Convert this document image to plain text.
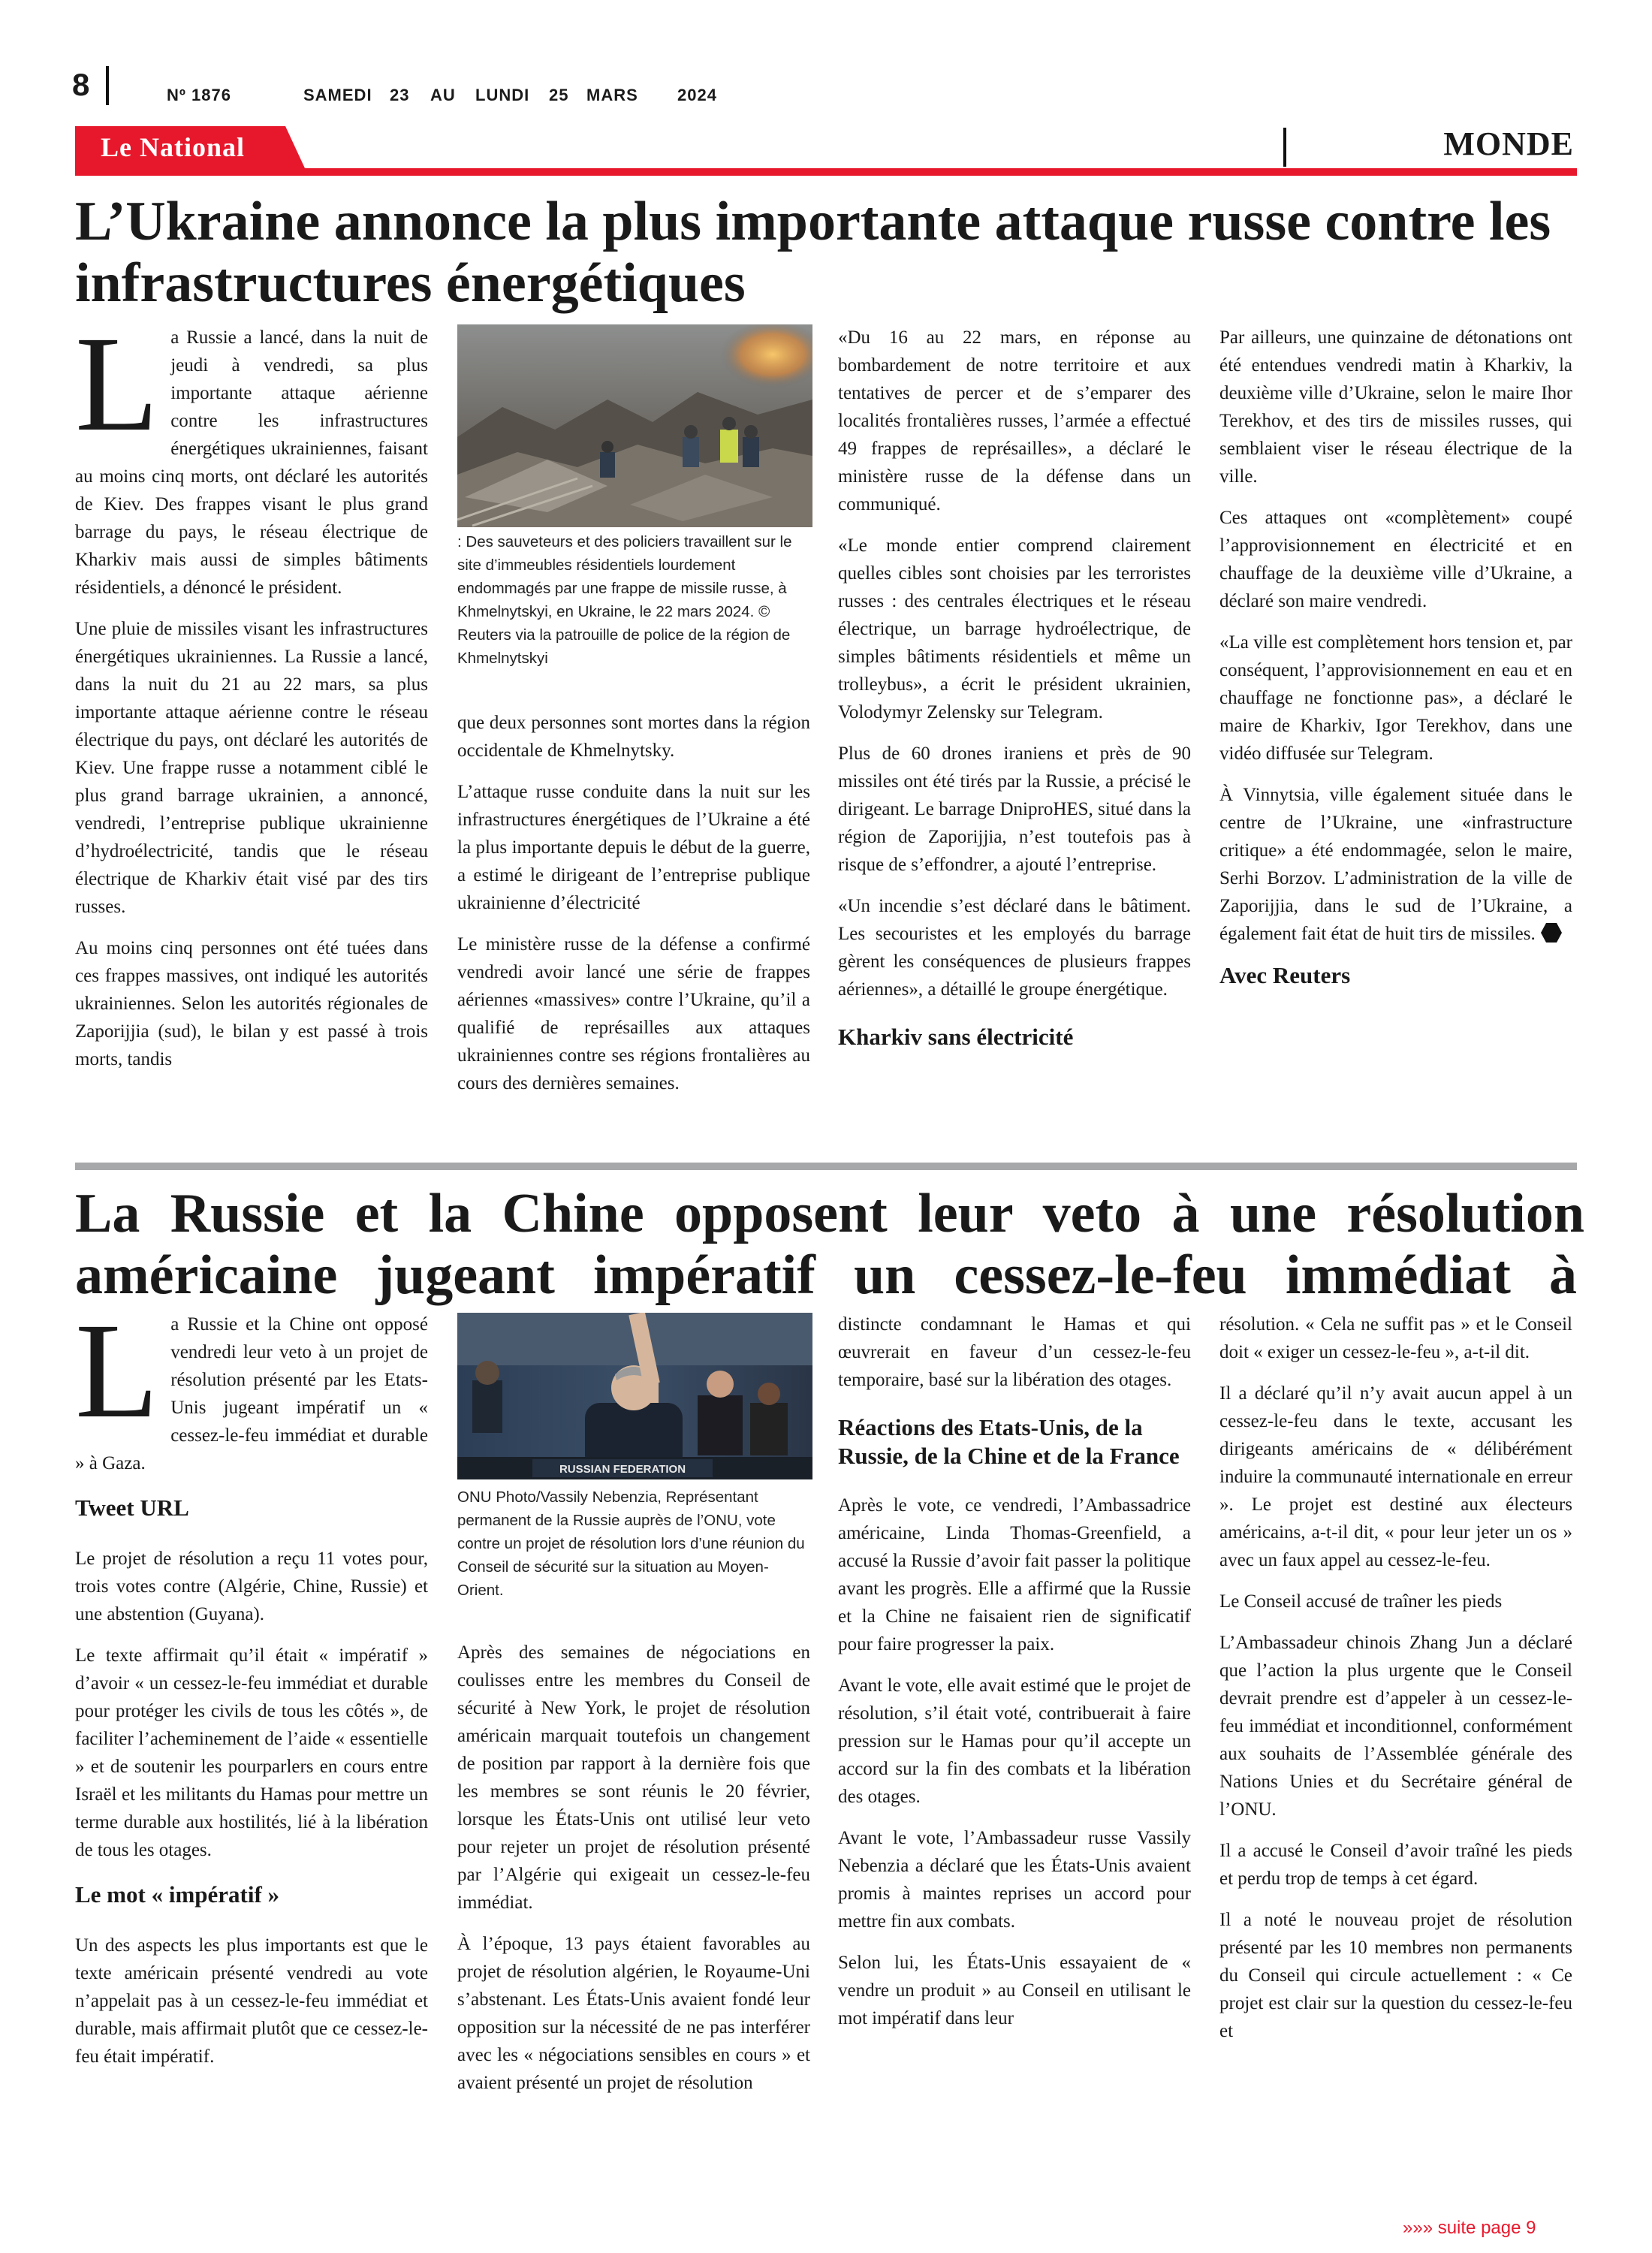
8	Nº 1876	SAMEDI 23 AU LUNDI 25 MARS 2024
Le National	MONDE
L’Ukraine annonce la plus importante attaque russe contre les infrastructures énergétiques

La Russie a lancé, dans la nuit de jeudi à vendredi, sa plus importante attaque aérienne contre les infrastructures énergétiques ukrainiennes, faisant au moins cinq morts, ont déclaré les autorités de Kiev. Des frappes visant le plus grand barrage du pays, le réseau électrique de Kharkiv mais aussi de simples bâtiments résidentiels, a dénoncé le président.

Une pluie de missiles visant les infrastructures énergétiques ukrainiennes. La Russie a lancé, dans la nuit du 21 au 22 mars, sa plus importante attaque aérienne contre le réseau électrique du pays, ont déclaré les autorités de Kiev. Une frappe russe a notamment ciblé le plus grand barrage ukrainien, a annoncé, vendredi, l’entreprise publique ukrainienne d’hydroélectricité, tandis que le réseau électrique de Kharkiv était visé par des tirs russes.

Au moins cinq personnes ont été tuées dans ces frappes massives, ont indiqué les autorités ukrainiennes. Selon les autorités régionales de Zaporijjia (sud), le bilan y est passé à trois morts, tandis

: Des sauveteurs et des policiers travaillent sur le site d’immeubles résidentiels lourdement endommagés par une frappe de missile russe, à Khmelnytskyi, en Ukraine, le 22 mars 2024. © Reuters via la patrouille de police de la région de Khmelnytskyi

que deux personnes sont mortes dans la région occidentale de Khmelnytsky.

L’attaque russe conduite dans la nuit sur les infrastructures énergétiques de l’Ukraine a été la plus importante depuis le début de la guerre, a estimé le dirigeant de l’entreprise publique ukrainienne d’électricité

Le ministère russe de la défense a confirmé vendredi avoir lancé une série de frappes aériennes «massives» contre l’Ukraine, qu’il a qualifié de représailles aux attaques ukrainiennes contre ses régions frontalières au cours des dernières semaines.

«Du 16 au 22 mars, en réponse au bombardement de notre territoire et aux tentatives de percer et de s’emparer des localités frontalières russes, l’armée a effectué 49 frappes de représailles», a déclaré le ministère russe de la défense dans un communiqué.

«Le monde entier comprend clairement quelles cibles sont choisies par les terroristes russes : des centrales électriques et le réseau électrique, un barrage hydroélectrique, de simples bâtiments résidentiels et même un trolleybus», a écrit le président ukrainien, Volodymyr Zelensky sur Telegram.

Plus de 60 drones iraniens et près de 90 missiles ont été tirés par la Russie, a précisé le dirigeant. Le barrage DniproHES, situé dans la région de Zaporijjia, n’est toutefois pas à risque de s’effondrer, a ajouté l’entreprise.

«Un incendie s’est déclaré dans le bâtiment. Les secouristes et les employés du barrage gèrent les conséquences de plusieurs frappes aériennes», a détaillé le groupe énergétique.

Kharkiv sans électricité

Par ailleurs, une quinzaine de détonations ont été entendues vendredi matin à Kharkiv, la deuxième ville d’Ukraine, selon le maire Ihor Terekhov, et des tirs de missiles russes, qui semblaient viser le réseau électrique de la ville.

Ces attaques ont «complètement» coupé l’approvisionnement en électricité et en chauffage de la deuxième ville d’Ukraine, a déclaré son maire vendredi.

«La ville est complètement hors tension et, par conséquent, l’approvisionnement en eau et en chauffage ne fonctionne pas», a déclaré le maire de Kharkiv, Igor Terekhov, dans une vidéo diffusée sur Telegram.

À Vinnytsia, ville également située dans le centre de l’Ukraine, une «infrastructure critique» a été endommagée, selon le maire, Serhi Borzov. L’administration de la ville de Zaporijjia, dans le sud de l’Ukraine, a également fait état de huit tirs de missiles.

Avec Reuters
La Russie et la Chine opposent leur veto à une résolution
américaine jugeant impératif un cessez-le-feu immédiat à

La Russie et la Chine ont opposé vendredi leur veto à un projet de résolution présenté par les Etats-Unis jugeant impératif un « cessez-le-feu immédiat et durable » à Gaza.

Tweet URL

Le projet de résolution a reçu 11 votes pour, trois votes contre (Algérie, Chine, Russie) et une abstention (Guyana).

Le texte affirmait qu’il était « impératif » d’avoir « un cessez-le-feu immédiat et durable pour protéger les civils de tous les côtés », de faciliter l’acheminement de l’aide « essentielle » et de soutenir les pourparlers en cours entre Israël et les militants du Hamas pour mettre un terme durable aux hostilités, lié à la libération de tous les otages.

Le mot « impératif »

Un des aspects les plus importants est que le texte américain présenté vendredi au vote n’appelait pas à un cessez-le-feu immédiat et durable, mais affirmait plutôt que ce cessez-le-feu était impératif.

RUSSIAN FEDERATION
ONU Photo/Vassily Nebenzia, Représentant permanent de la Russie auprès de l’ONU, vote contre un projet de résolution lors d’une réunion du Conseil de sécurité sur la situation au Moyen-Orient.

Après des semaines de négociations en coulisses entre les membres du Conseil de sécurité à New York, le projet de résolution américain marquait toutefois un changement de position par rapport à la dernière fois que les membres se sont réunis le 20 février, lorsque les États-Unis ont utilisé leur veto pour rejeter un projet de résolution présenté par l’Algérie qui exigeait un cessez-le-feu immédiat.

À l’époque, 13 pays étaient favorables au projet de résolution algérien, le Royaume-Uni s’abstenant. Les États-Unis avaient fondé leur opposition sur la nécessité de ne pas interférer avec les « négociations sensibles en cours » et avaient présenté un projet de résolution

distincte condamnant le Hamas et qui œuvrerait en faveur d’un cessez-le-feu temporaire, basé sur la libération des otages.

Réactions des Etats-Unis, de la Russie, de la Chine et de la France

Après le vote, ce vendredi, l’Ambassadrice américaine, Linda Thomas-Greenfield, a accusé la Russie d’avoir fait passer la politique avant les progrès. Elle a affirmé que la Russie et la Chine ne faisaient rien de significatif pour faire progresser la paix.

Avant le vote, elle avait estimé que le projet de résolution, s’il était voté, contribuerait à faire pression sur le Hamas pour qu’il accepte un accord sur la fin des combats et la libération des otages.

Avant le vote, l’Ambassadeur russe Vassily Nebenzia a déclaré que les États-Unis avaient promis à maintes reprises un accord pour mettre fin aux combats.

Selon lui, les États-Unis essayaient de « vendre un produit » au Conseil en utilisant le mot impératif dans leur

résolution. « Cela ne suffit pas » et le Conseil doit « exiger un cessez-le-feu », a-t-il dit.

Il a déclaré qu’il n’y avait aucun appel à un cessez-le-feu dans le texte, accusant les dirigeants américains de « délibérément induire la communauté internationale en erreur ». Le projet est destiné aux électeurs américains, a-t-il dit, « pour leur jeter un os » avec un faux appel au cessez-le-feu.

Le Conseil accusé de traîner les pieds

L’Ambassadeur chinois Zhang Jun a déclaré que l’action la plus urgente que le Conseil devrait prendre est d’appeler à un cessez-le-feu immédiat et inconditionnel, conformément aux souhaits de l’Assemblée générale des Nations Unies et du Secrétaire général de l’ONU.

Il a accusé le Conseil d’avoir traîné les pieds et perdu trop de temps à cet égard.

Il a noté le nouveau projet de résolution présenté par les 10 membres non permanents du Conseil qui circule actuellement : « Ce projet est clair sur la question du cessez-le-feu et

»»» suite page 9
